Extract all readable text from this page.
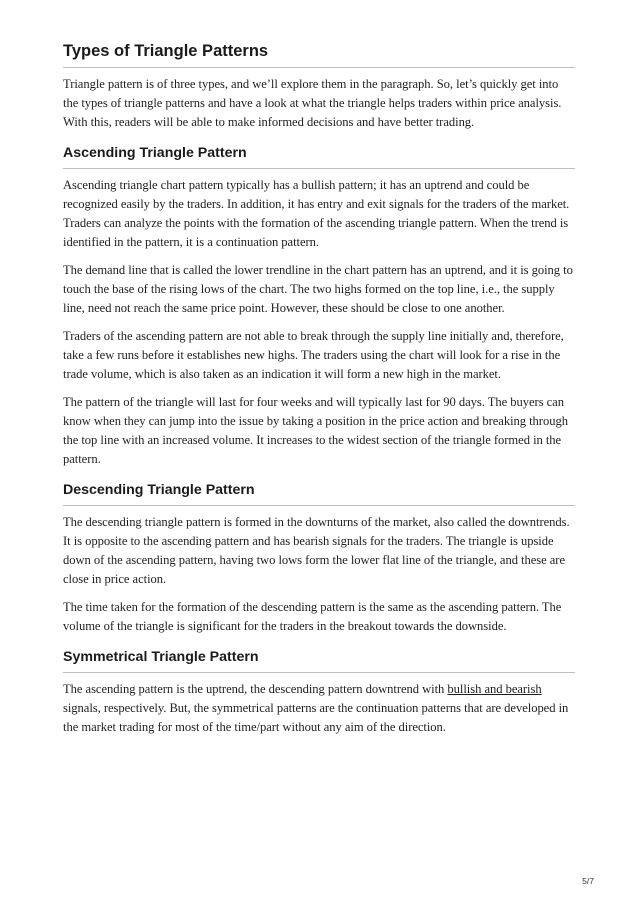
Types of Triangle Patterns

Triangle pattern is of three types, and we’ll explore them in the paragraph. So, let’s quickly get into the types of triangle patterns and have a look at what the triangle helps traders within price analysis. With this, readers will be able to make informed decisions and have better trading.

Ascending Triangle Pattern

Ascending triangle chart pattern typically has a bullish pattern; it has an uptrend and could be recognized easily by the traders. In addition, it has entry and exit signals for the traders of the market. Traders can analyze the points with the formation of the ascending triangle pattern. When the trend is identified in the pattern, it is a continuation pattern.

The demand line that is called the lower trendline in the chart pattern has an uptrend, and it is going to touch the base of the rising lows of the chart. The two highs formed on the top line, i.e., the supply line, need not reach the same price point. However, these should be close to one another.

Traders of the ascending pattern are not able to break through the supply line initially and, therefore, take a few runs before it establishes new highs. The traders using the chart will look for a rise in the trade volume, which is also taken as an indication it will form a new high in the market.

The pattern of the triangle will last for four weeks and will typically last for 90 days. The buyers can know when they can jump into the issue by taking a position in the price action and breaking through the top line with an increased volume. It increases to the widest section of the triangle formed in the pattern.

Descending Triangle Pattern

The descending triangle pattern is formed in the downturns of the market, also called the downtrends. It is opposite to the ascending pattern and has bearish signals for the traders. The triangle is upside down of the ascending pattern, having two lows form the lower flat line of the triangle, and these are close in price action.

The time taken for the formation of the descending pattern is the same as the ascending pattern. The volume of the triangle is significant for the traders in the breakout towards the downside.

Symmetrical Triangle Pattern

The ascending pattern is the uptrend, the descending pattern downtrend with bullish and bearish signals, respectively. But, the symmetrical patterns are the continuation patterns that are developed in the market trading for most of the time/part without any aim of the direction.

5/7
